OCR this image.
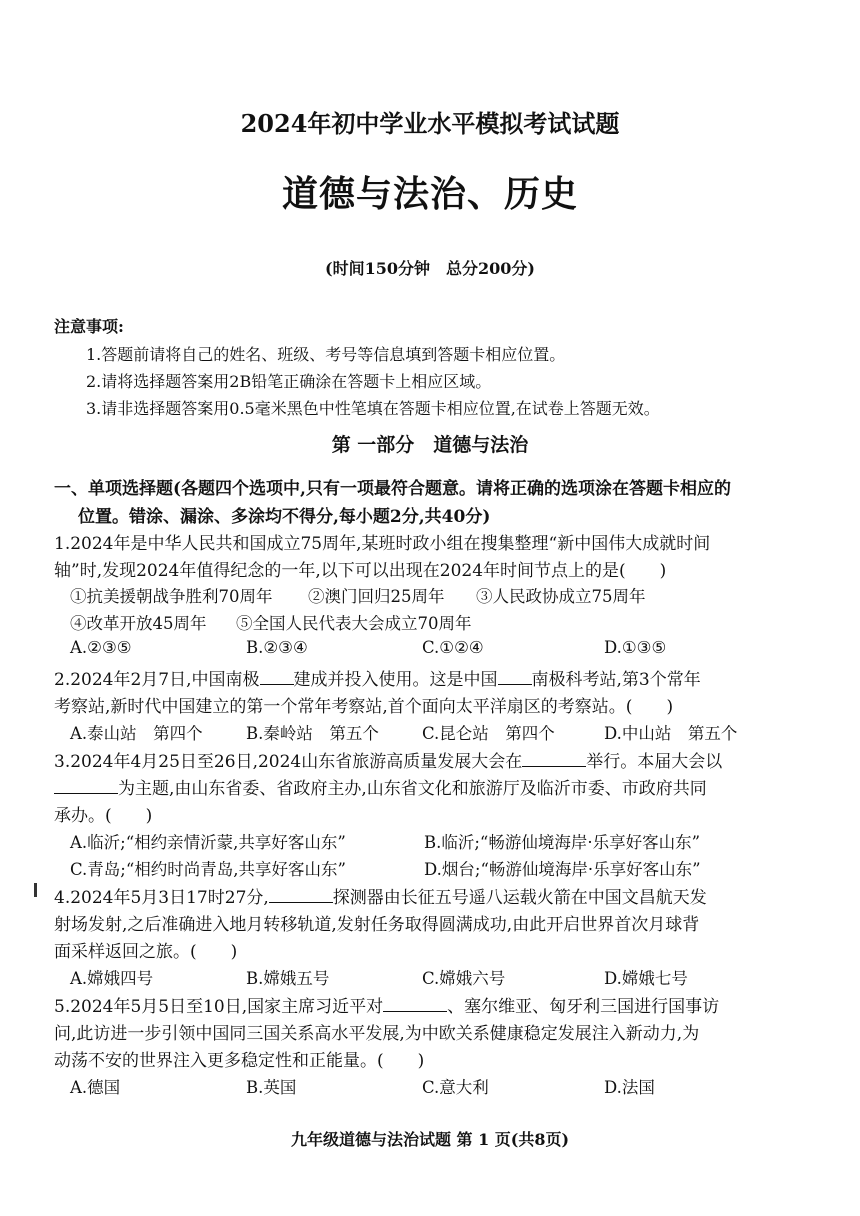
2024年初中学业水平模拟考试试题
道德与法治、历史
(时间150分钟　总分200分)
注意事项:
1.答题前请将自己的姓名、班级、考号等信息填到答题卡相应位置。
2.请将选择题答案用2B铅笔正确涂在答题卡上相应区域。
3.请非选择题答案用0.5毫米黑色中性笔填在答题卡相应位置,在试卷上答题无效。
第 一部分　道德与法治
一、单项选择题(各题四个选项中,只有一项最符合题意。请将正确的选项涂在答题卡相应的
位置。错涂、漏涂、多涂均不得分,每小题2分,共40分)
1.2024年是中华人民共和国成立75周年,某班时政小组在搜集整理“新中国伟大成就时间
轴”时,发现2024年值得纪念的一年,以下可以出现在2024年时间节点上的是(　　)
①抗美援朝战争胜利70周年 ②澳门回归25周年 ③人民政协成立75周年
④改革开放45周年 ⑤全国人民代表大会成立70周年
A.②③⑤	B.②③④	C.①②④	D.①③⑤
2.2024年2月7日,中国南极 建成并投入使用。这是中国 南极科考站,第3个常年
考察站,新时代中国建立的第一个常年考察站,首个面向太平洋扇区的考察站。(　　)
A.泰山站　第四个	B.秦岭站　第五个	C.昆仑站　第四个	D.中山站　第五个
3.2024年4月25日至26日,2024山东省旅游高质量发展大会在	举行。本届大会以
为主题,由山东省委、省政府主办,山东省文化和旅游厅及临沂市委、市政府共同
承办。(　　)
A.临沂;“相约亲情沂蒙,共享好客山东”	B.临沂;“畅游仙境海岸·乐享好客山东”
C.青岛;“相约时尚青岛,共享好客山东”	D.烟台;“畅游仙境海岸·乐享好客山东”
4.2024年5月3日17时27分,	探测器由长征五号遥八运载火箭在中国文昌航天发
射场发射,之后准确进入地月转移轨道,发射任务取得圆满成功,由此开启世界首次月球背
面采样返回之旅。(　　)
A.嫦娥四号	B.嫦娥五号	C.嫦娥六号	D.嫦娥七号
5.2024年5月5日至10日,国家主席习近平对	、塞尔维亚、匈牙利三国进行国事访
问,此访进一步引领中国同三国关系高水平发展,为中欧关系健康稳定发展注入新动力,为
动荡不安的世界注入更多稳定性和正能量。(　　)
A.德国	B.英国	C.意大利	D.法国
九年级道德与法治试题 第 1 页(共8页)
